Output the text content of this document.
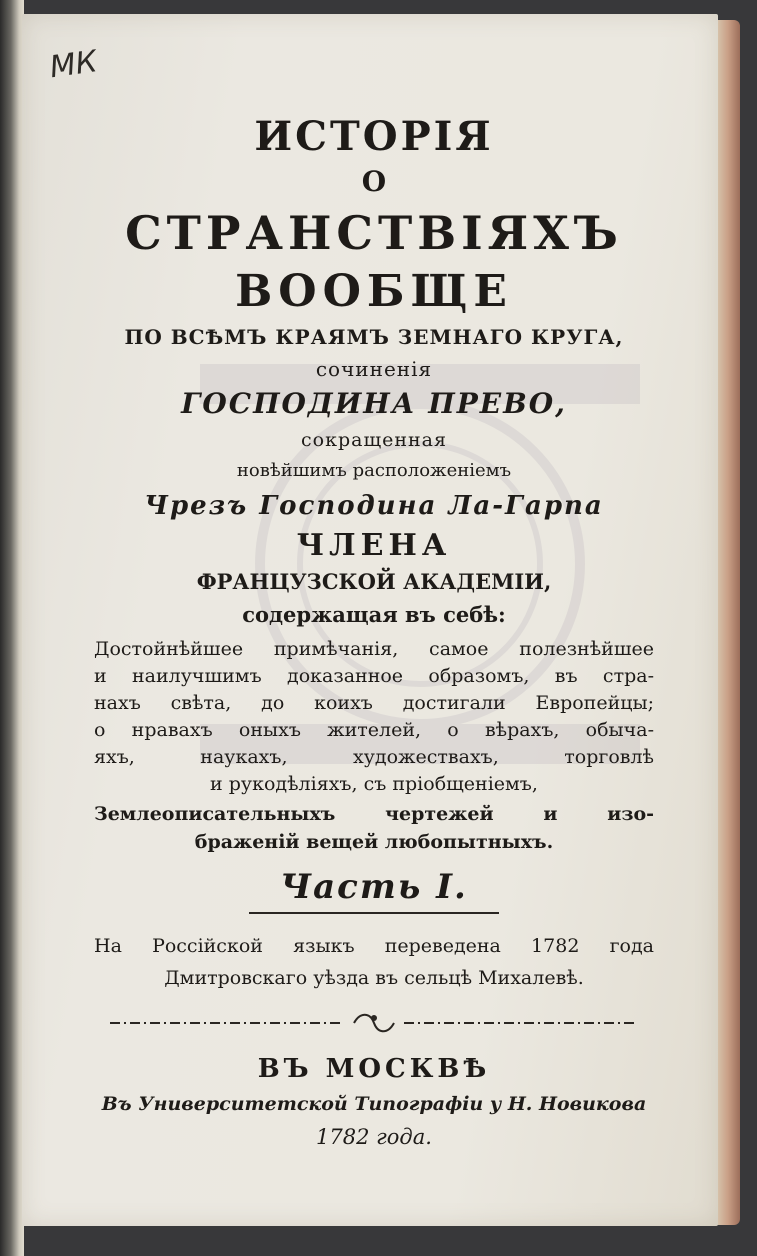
МК
ИСТОРІЯ
О
СТРАНСТВІЯХЪ
ВООБЩЕ
ПО ВСѢМЪ КРАЯМЪ ЗЕМНАГО КРУГА,
сочиненія
ГОСПОДИНА ПРЕВО,
сокращенная
новѣйшимъ расположеніемъ
Чрезъ Господина Ла-Гарпа
ЧЛЕНА
ФРАНЦУЗСКОЙ АКАДЕМІИ,
содержащая въ себѣ:
Достойнѣйшее примѣчанія, самое полезнѣйшее
и наилучшимъ доказанное образомъ, въ стра-
нахъ свѣта, до коихъ достигали Европейцы;
о нравахъ оныхъ жителей, о вѣрахъ, обыча-
яхъ, наукахъ, художествахъ, торговлѣ
и рукодѣліяхъ, съ пріобщеніемъ,
Землеописательныхъ чертежей и изо-
браженій вещей любопытныхъ.
Часть I.
На Россійской языкъ переведена 1782 года
Дмитровскаго уѣзда въ сельцѣ Михалевѣ.
ВЪ МОСКВѢ
Въ Университетской Типографіи у Н. Новикова
1782 года.
